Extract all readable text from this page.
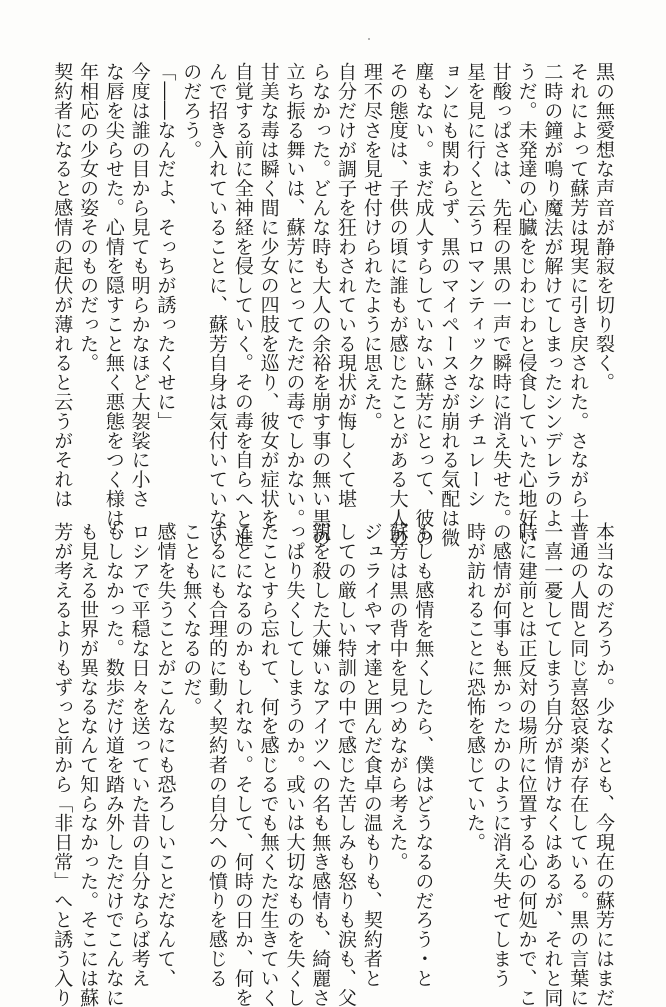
黒の無愛想な声音が静寂を切り裂く。
それによって蘇芳は現実に引き戻された。さながら十
二時の鐘が鳴り魔法が解けてしまったシンデレラのよ
うだ。未発達の心臓をじわじわと侵食していた心地好い
甘酸っぱさは、先程の黒の一声で瞬時に消え失せた。
星を見に行くと云うロマンティックなシチュレーシ
ョンにも関わらず、黒のマイペースさが崩れる気配は微
塵もない。まだ成人すらしていない蘇芳にとって、彼の
その態度は、子供の頃に誰もが感じたことがある大人の
理不尽さを見せ付けられたように思えた。
自分だけが調子を狂わされている現状が悔しくて堪
らなかった。どんな時も大人の余裕を崩す事の無い黒の
立ち振る舞いは、蘇芳にとってただの毒でしかない。
甘美な毒は瞬く間に少女の四肢を巡り、彼女が症状を
自覚する前に全神経を侵していく。その毒を自らへと進
んで招き入れていることに、蘇芳自身は気付いていない
のだろう。
「――なんだよ、そっちが誘ったくせに」
今度は誰の目から見ても明らかなほど大袈裟に小さ
な唇を尖らせた。心情を隠すこと無く悪態をつく様は、
年相応の少女の姿そのものだった。
契約者になると感情の起伏が薄れると云うがそれは
本当なのだろうか。少なくとも、今現在の蘇芳にはまだ
普通の人間と同じ喜怒哀楽が存在している。黒の言葉に
一喜一憂してしまう自分が情けなくはあるが、それと同
時に建前とは正反対の場所に位置する心の何処かで、こ
の感情が何事も無かったかのように消え失せてしまう
時が訪れることに恐怖を感じていた。

もしも感情を無くしたら、僕はどうなるのだろう・と
蘇芳は黒の背中を見つめながら考えた。
ジュライやマオ達と囲んだ食卓の温もりも、契約者と
しての厳しい特訓の中で感じた苦しみも怒りも涙も、父
親を殺した大嫌いなアイツへの名も無き感情も、綺麗さ
っぱり失くしてしまうのか。或いは大切なものを失くし
たことすら忘れて、何を感じるでも無くただ生きていく
ことになるのかもしれない。そして、何時の日か、何を
するにも合理的に動く契約者の自分への憤りを感じる
ことも無くなるのだ。
感情を失うことがこんなにも恐ろしいことだなんて、
ロシアで平穏な日々を送っていた昔の自分ならば考え
もしなかった。数歩だけ道を踏み外しただけでこんなに
も見える世界が異なるなんて知らなかった。そこには蘇
芳が考えるよりもずっと前から「非日常」へと誘う入り
